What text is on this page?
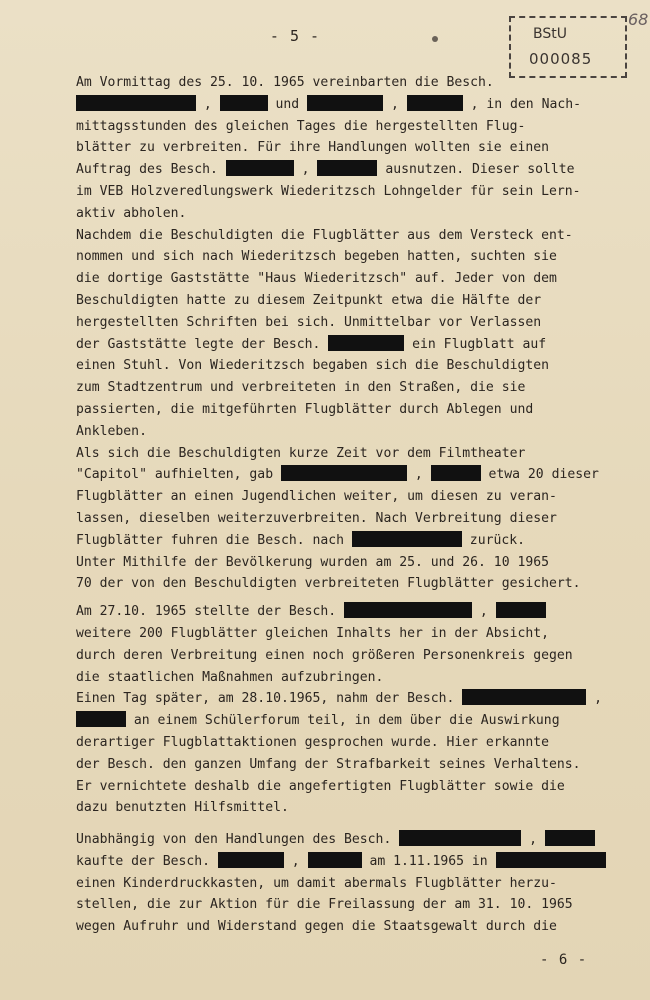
- 5 -	BStU
000085
68
Am Vormittag des 25. 10. 1965 vereinbarten die Besch.
,	und	,	, in den Nach-
mittagsstunden des gleichen Tages die hergestellten Flug-
blätter zu verbreiten. Für ihre Handlungen wollten sie einen
Auftrag des Besch.	,	ausnutzen. Dieser sollte
im VEB Holzveredlungswerk Wiederitzsch Lohngelder für sein Lern-
aktiv abholen.
Nachdem die Beschuldigten die Flugblätter aus dem Versteck ent-
nommen und sich nach Wiederitzsch begeben hatten, suchten sie
die dortige Gaststätte "Haus Wiederitzsch" auf. Jeder von dem
Beschuldigten hatte zu diesem Zeitpunkt etwa die Hälfte der
hergestellten Schriften bei sich. Unmittelbar vor Verlassen
der Gaststätte legte der Besch.	ein Flugblatt auf
einen Stuhl. Von Wiederitzsch begaben sich die Beschuldigten
zum Stadtzentrum und verbreiteten in den Straßen, die sie
passierten, die mitgeführten Flugblätter durch Ablegen und
Ankleben.
Als sich die Beschuldigten kurze Zeit vor dem Filmtheater
"Capitol" aufhielten, gab	,	etwa 20 dieser
Flugblätter an einen Jugendlichen weiter, um diesen zu veran-
lassen, dieselben weiterzuverbreiten. Nach Verbreitung dieser
Flugblätter fuhren die Besch. nach	zurück.
Unter Mithilfe der Bevölkerung wurden am 25. und 26. 10 1965
70 der von den Beschuldigten verbreiteten Flugblätter gesichert.
Am 27.10. 1965 stellte der Besch.	,
weitere 200 Flugblätter gleichen Inhalts her in der Absicht,
durch deren Verbreitung einen noch größeren Personenkreis gegen
die staatlichen Maßnahmen aufzubringen.
Einen Tag später, am 28.10.1965, nahm der Besch.	,
an einem Schülerforum teil, in dem über die Auswirkung
derartiger Flugblattaktionen gesprochen wurde. Hier erkannte
der Besch. den ganzen Umfang der Strafbarkeit seines Verhaltens.
Er vernichtete deshalb die angefertigten Flugblätter sowie die
dazu benutzten Hilfsmittel.
Unabhängig von den Handlungen des Besch.	,
kaufte der Besch.	,	am 1.11.1965 in
einen Kinderdruckkasten, um damit abermals Flugblätter herzu-
stellen, die zur Aktion für die Freilassung der am 31. 10. 1965
wegen Aufruhr und Widerstand gegen die Staatsgewalt durch die
- 6 -
